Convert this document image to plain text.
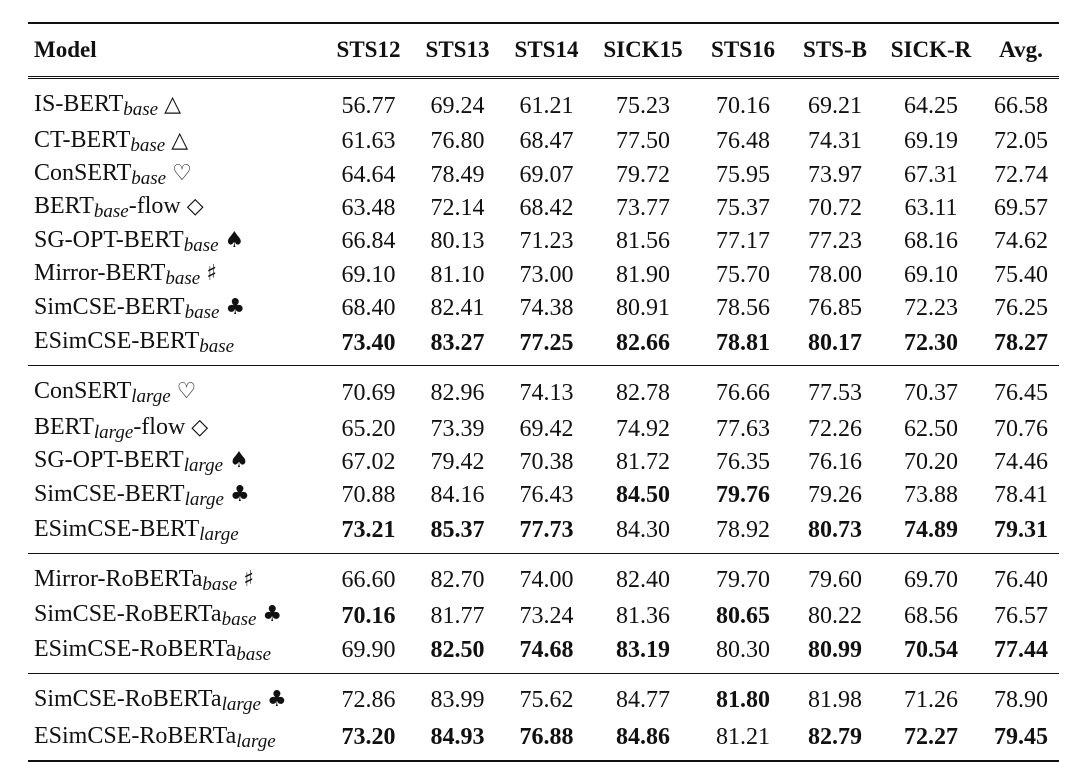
Model	STS12	STS13	STS14	SICK15	STS16	STS-B	SICK-R	Avg.
$IS-BERT_{base}$ △	56.77	69.24	61.21	75.23	70.16	69.21	64.25	66.58
$CT-BERT_{base}$ △	61.63	76.80	68.47	77.50	76.48	74.31	69.19	72.05
ConSERT$_{base}$ ♡	64.64	78.49	69.07	79.72	75.95	73.97	67.31	72.74
$BERT_{base}$-flow ◇	63.48	72.14	68.42	73.77	75.37	70.72	63.11	69.57
$SG-OPT-BERT_{base}$ ♠	66.84	80.13	71.23	81.56	77.17	77.23	68.16	74.62
Mirror-$BERT_{base}$ ♯	69.10	81.10	73.00	81.90	75.70	78.00	69.10	75.40
SimCSE-$BERT_{base}$ ♣	68.40	82.41	74.38	80.91	78.56	76.85	72.23	76.25
ESimCSE-$BERT_{base}$	73.40	83.27	77.25	82.66	78.81	80.17	72.30	78.27
ConSERT$_{large}$ ♡	70.69	82.96	74.13	82.78	76.66	77.53	70.37	76.45
$BERT_{large}$-flow ◇	65.20	73.39	69.42	74.92	77.63	72.26	62.50	70.76
$SG-OPT-BERT_{large}$ ♠	67.02	79.42	70.38	81.72	76.35	76.16	70.20	74.46
SimCSE-$BERT_{large}$ ♣	70.88	84.16	76.43	84.50	79.76	79.26	73.88	78.41
ESimCSE-$BERT_{large}$	73.21	85.37	77.73	84.30	78.92	80.73	74.89	79.31
Mirror-RoBERTa$_{base}$ ♯	66.60	82.70	74.00	82.40	79.70	79.60	69.70	76.40
SimCSE-RoBERTa$_{base}$ ♣	70.16	81.77	73.24	81.36	80.65	80.22	68.56	76.57
ESimCSE-RoBERTa$_{base}$	69.90	82.50	74.68	83.19	80.30	80.99	70.54	77.44
SimCSE-RoBERTa$_{large}$ ♣	72.86	83.99	75.62	84.77	81.80	81.98	71.26	78.90
ESimCSE-RoBERTa$_{large}$	73.20	84.93	76.88	84.86	81.21	82.79	72.27	79.45
